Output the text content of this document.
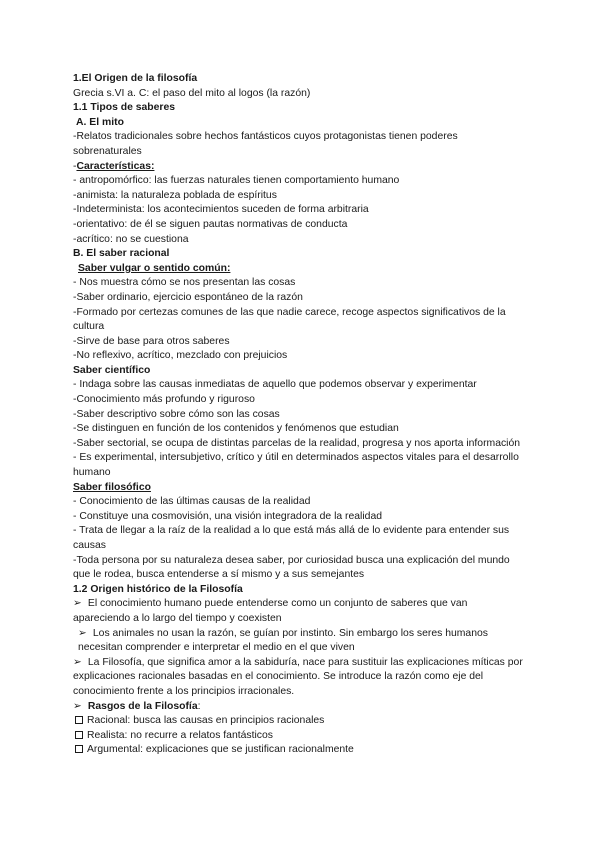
1.El Origen de la filosofía
Grecia s.VI a. C: el paso del mito al logos (la razón)
1.1 Tipos de saberes
A. El mito
-Relatos tradicionales sobre hechos fantásticos cuyos protagonistas tienen poderes sobrenaturales
-Características:
- antropomórfico: las fuerzas naturales tienen comportamiento humano
-animista: la naturaleza poblada de espíritus
-Indeterminista: los acontecimientos suceden de forma arbitraria
-orientativo: de él se siguen pautas normativas de conducta
-acrítico: no se cuestiona
B. El saber racional
Saber vulgar o sentido común:
- Nos muestra cómo se nos presentan las cosas
-Saber ordinario, ejercicio espontáneo de la razón
-Formado por certezas comunes de las que nadie carece, recoge aspectos significativos de la cultura
-Sirve de base para otros saberes
-No reflexivo, acrítico, mezclado con prejuicios
Saber científico
- Indaga sobre las causas inmediatas de aquello que podemos observar y experimentar
-Conocimiento más profundo y riguroso
-Saber descriptivo sobre cómo son las cosas
-Se distinguen en función de los contenidos y fenómenos que estudian
-Saber sectorial, se ocupa de distintas parcelas de la realidad, progresa y nos aporta información
- Es experimental, intersubjetivo, crítico y útil en determinados aspectos vitales para el desarrollo humano
Saber filosófico
- Conocimiento de las últimas causas de la realidad
- Constituye una cosmovisión, una visión integradora de la realidad
- Trata de llegar a la raíz de la realidad a lo que está más allá de lo evidente para entender sus causas
-Toda persona por su naturaleza desea saber, por curiosidad busca una explicación del mundo que le rodea, busca entenderse a sí mismo y a sus semejantes
1.2 Origen histórico de la Filosofía
➢ El conocimiento humano puede entenderse como un conjunto de saberes que van apareciendo a lo largo del tiempo y coexisten
➢ Los animales no usan la razón, se guían por instinto. Sin embargo los seres humanos necesitan comprender e interpretar el medio en el que viven
➢ La Filosofía, que significa amor a la sabiduría, nace para sustituir las explicaciones míticas por explicaciones racionales basadas en el conocimiento. Se introduce la razón como eje del conocimiento frente a los principios irracionales.
➢ Rasgos de la Filosofía:
Racional: busca las causas en principios racionales
Realista: no recurre a relatos fantásticos
Argumental: explicaciones que se justifican racionalmente
